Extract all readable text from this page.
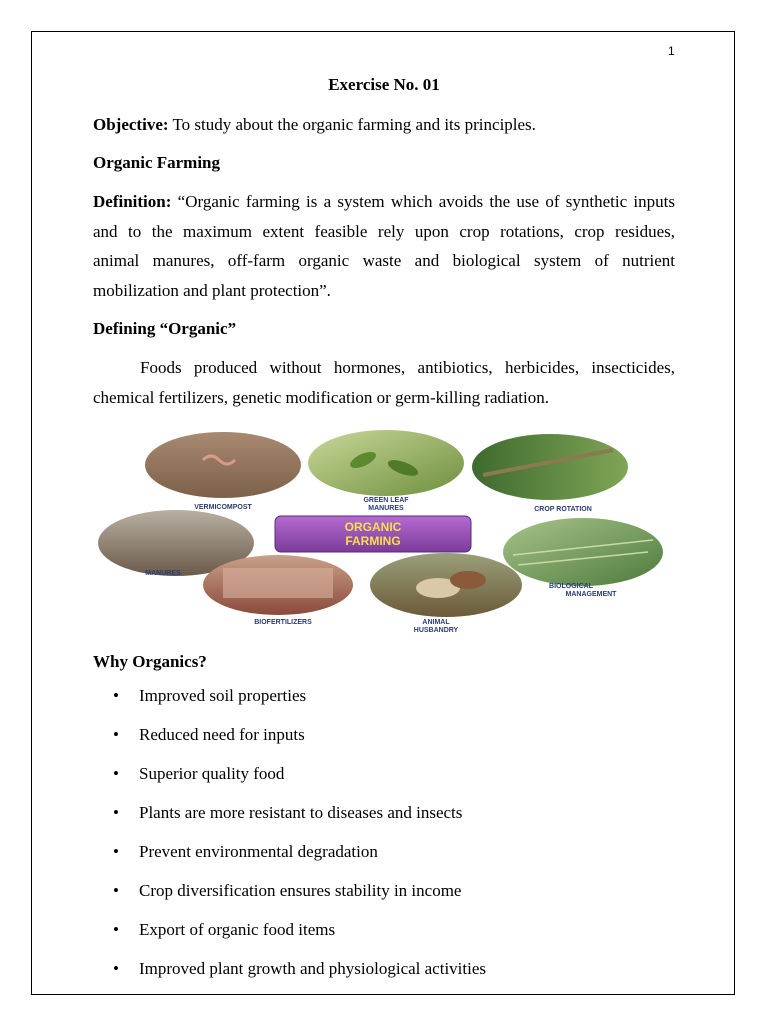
1
Exercise No. 01
Objective: To study about the organic farming and its principles.
Organic Farming
Definition: “Organic farming is a system which avoids the use of synthetic inputs
and to the maximum extent feasible rely upon crop rotations, crop residues,
animal manures, off-farm organic waste and biological system of nutrient
mobilization and plant protection”.
Defining “Organic”
Foods produced without hormones, antibiotics, herbicides, insecticides,
chemical fertilizers, genetic modification or germ-killing radiation.
VERMICOMPOST
GREEN LEAF
MANURES	CROP ROTATION
MANURES
ORGANIC
FARMING
BIOLOGICAL
MANAGEMENT
BIOFERTILIZERS	ANIMAL
HUSBANDRY
Why Organics?
• Improved soil properties
• Reduced need for inputs
• Superior quality food
• Plants are more resistant to diseases and insects
• Prevent environmental degradation
• Crop diversification ensures stability in income
• Export of organic food items
• Improved plant growth and physiological activities
